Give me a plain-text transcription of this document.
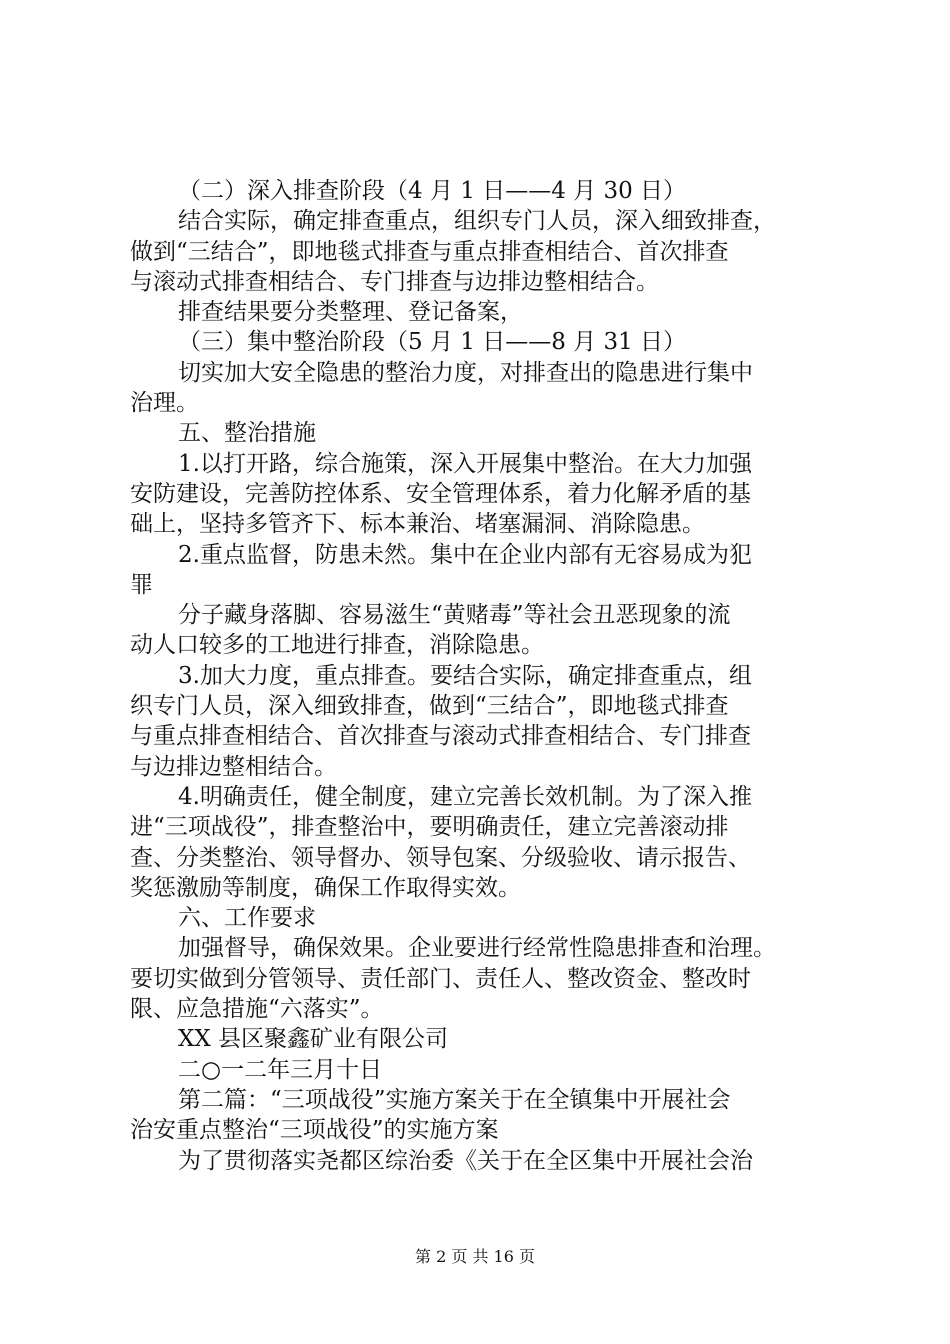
（二）深入排查阶段（4 月 1 日——4 月 30 日）
结合实际，确定排查重点，组织专门人员，深入细致排查，
做到“三结合”，即地毯式排查与重点排查相结合、首次排查
与滚动式排查相结合、专门排查与边排边整相结合。
排查结果要分类整理、登记备案，
（三）集中整治阶段（5 月 1 日——8 月 31 日）
切实加大安全隐患的整治力度，对排查出的隐患进行集中
治理。
五、整治措施
1.以打开路，综合施策，深入开展集中整治。在大力加强
安防建设，完善防控体系、安全管理体系，着力化解矛盾的基
础上，坚持多管齐下、标本兼治、堵塞漏洞、消除隐患。
2.重点监督，防患未然。集中在企业内部有无容易成为犯
罪
分子藏身落脚、容易滋生“黄赌毒”等社会丑恶现象的流
动人口较多的工地进行排查，消除隐患。
3.加大力度，重点排查。要结合实际，确定排查重点，组
织专门人员，深入细致排查，做到“三结合”，即地毯式排查
与重点排查相结合、首次排查与滚动式排查相结合、专门排查
与边排边整相结合。
4.明确责任，健全制度，建立完善长效机制。为了深入推
进“三项战役”，排查整治中，要明确责任，建立完善滚动排
查、分类整治、领导督办、领导包案、分级验收、请示报告、
奖惩激励等制度，确保工作取得实效。
六、工作要求
加强督导，确保效果。企业要进行经常性隐患排查和治理。
要切实做到分管领导、责任部门、责任人、整改资金、整改时
限、应急措施“六落实”。
XX 县区聚鑫矿业有限公司
二○一二年三月十日
第二篇：“三项战役”实施方案关于在全镇集中开展社会
治安重点整治“三项战役”的实施方案
为了贯彻落实尧都区综治委《关于在全区集中开展社会治
第 2 页 共 16 页
